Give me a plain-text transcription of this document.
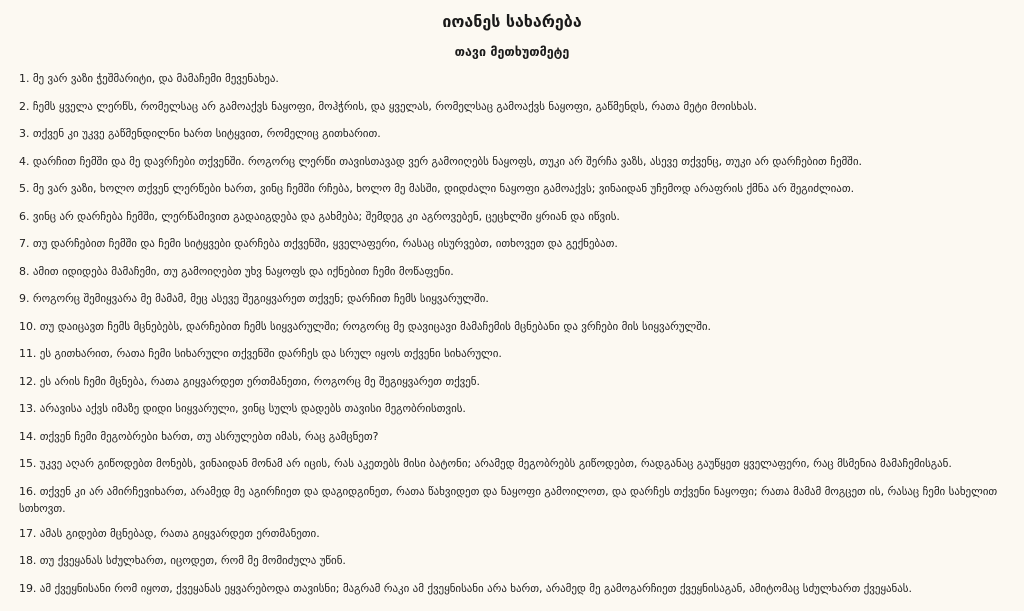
იოანეს სახარება
თავი მეთხუთმეტე
1. მე ვარ ვაზი ჭეშმარიტი, და მამაჩემი მევენახეა.
2. ჩემს ყველა ლერწს, რომელსაც არ გამოაქვს ნაყოფი, მოჰჭრის, და ყველას, რომელსაც გამოაქვს ნაყოფი, გაწმენდს, რათა მეტი მოისხას.
3. თქვენ კი უკვე გაწმენდილნი ხართ სიტყვით, რომელიც გითხარით.
4. დარჩით ჩემში და მე დავრჩები თქვენში. როგორც ლერწი თავისთავად ვერ გამოიღებს ნაყოფს, თუკი არ შერჩა ვაზს, ასევე თქვენც, თუკი არ დარჩებით ჩემში.
5. მე ვარ ვაზი, ხოლო თქვენ ლერწები ხართ, ვინც ჩემში რჩება, ხოლო მე მასში, დიდძალი ნაყოფი გამოაქვს; ვინაიდან უჩემოდ არაფრის ქმნა არ შეგიძლიათ.
6. ვინც არ დარჩება ჩემში, ლერწამივით გადაიგდება და გახმება; შემდეგ კი აგროვებენ, ცეცხლში ყრიან და იწვის.
7. თუ დარჩებით ჩემში და ჩემი სიტყვები დარჩება თქვენში, ყველაფერი, რასაც ისურვებთ, ითხოვეთ და გექნებათ.
8. ამით იდიდება მამაჩემი, თუ გამოიღებთ უხვ ნაყოფს და იქნებით ჩემი მოწაფენი.
9. როგორც შემიყვარა მე მამამ, მეც ასევე შეგიყვარეთ თქვენ; დარჩით ჩემს სიყვარულში.
10. თუ დაიცავთ ჩემს მცნებებს, დარჩებით ჩემს სიყვარულში; როგორც მე დავიცავი მამაჩემის მცნებანი და ვრჩები მის სიყვარულში.
11. ეს გითხარით, რათა ჩემი სიხარული თქვენში დარჩეს და სრულ იყოს თქვენი სიხარული.
12. ეს არის ჩემი მცნება, რათა გიყვარდეთ ერთმანეთი, როგორც მე შეგიყვარეთ თქვენ.
13. არავისა აქვს იმაზე დიდი სიყვარული, ვინც სულს დადებს თავისი მეგობრისთვის.
14. თქვენ ჩემი მეგობრები ხართ, თუ ასრულებთ იმას, რაც გამცნეთ?
15. უკვე აღარ გიწოდებთ მონებს, ვინაიდან მონამ არ იცის, რას აკეთებს მისი ბატონი; არამედ მეგობრებს გიწოდებთ, რადგანაც გაუწყეთ ყველაფერი, რაც მსმენია მამაჩემისგან.
16. თქვენ კი არ ამირჩევიხართ, არამედ მე აგირჩიეთ და დაგიდგინეთ, რათა წახვიდეთ და ნაყოფი გამოილოთ, და დარჩეს თქვენი ნაყოფი; რათა მამამ მოგცეთ ის, რასაც ჩემი სახელით სთხოვთ.
17. ამას გიდებთ მცნებად, რათა გიყვარდეთ ერთმანეთი.
18. თუ ქვეყანას სძულხართ, იცოდეთ, რომ მე მომიძულა უწინ.
19. ამ ქვეყნისანი რომ იყოთ, ქვეყანას ეყვარებოდა თავისნი; მაგრამ რაკი ამ ქვეყნისანი არა ხართ, არამედ მე გამოგარჩიეთ ქვეყნისაგან, ამიტომაც სძულხართ ქვეყანას.
